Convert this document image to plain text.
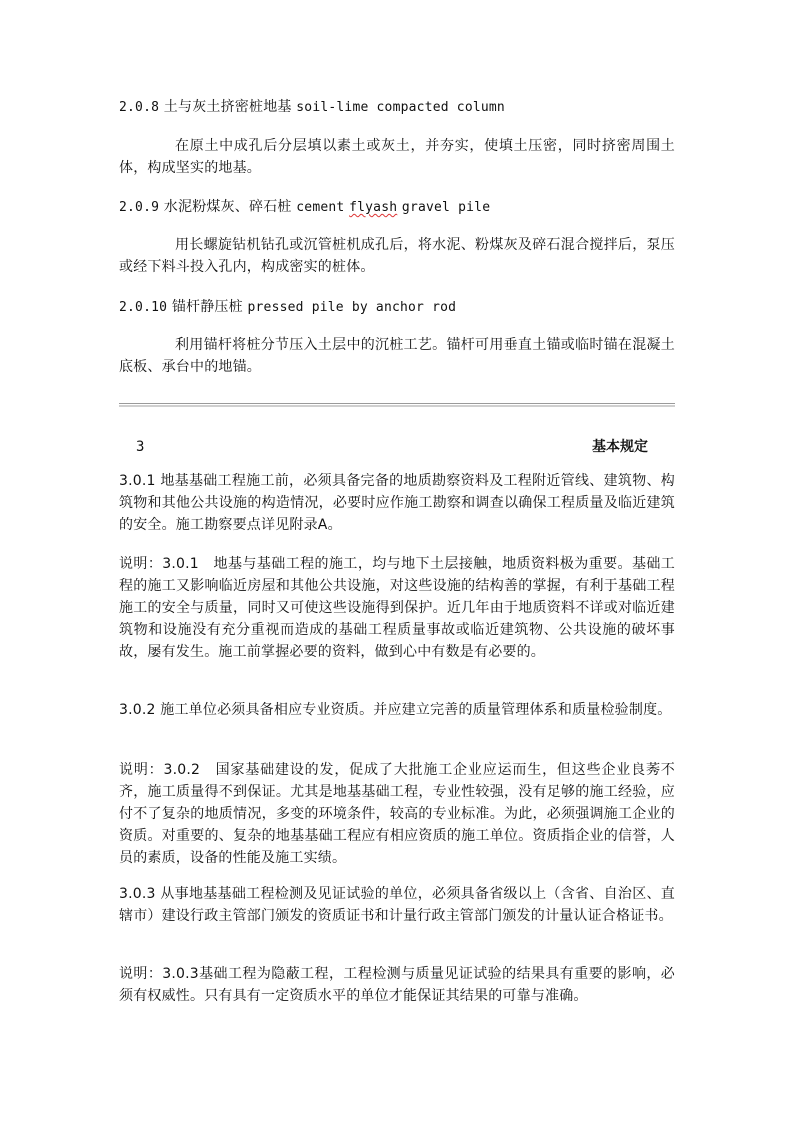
2.0.8 土与灰土挤密桩地基 soil-lime compacted column

在原土中成孔后分层填以素土或灰土，并夯实，使填土压密，同时挤密周围土体，构成坚实的地基。

2.0.9 水泥粉煤灰、碎石桩 cement flyash gravel pile

用长螺旋钻机钻孔或沉管桩机成孔后，将水泥、粉煤灰及碎石混合搅拌后，泵压或经下料斗投入孔内，构成密实的桩体。

2.0.10 锚杆静压桩 pressed pile by anchor rod

利用锚杆将桩分节压入土层中的沉桩工艺。锚杆可用垂直土锚或临时锚在混凝土底板、承台中的地锚。

3	基本规定

3.0.1 地基基础工程施工前，必须具备完备的地质勘察资料及工程附近管线、建筑物、构筑物和其他公共设施的构造情况，必要时应作施工勘察和调查以确保工程质量及临近建筑的安全。施工勘察要点详见附录A。

说明：3.0.1　地基与基础工程的施工，均与地下土层接触，地质资料极为重要。基础工程的施工又影响临近房屋和其他公共设施，对这些设施的结构善的掌握，有利于基础工程施工的安全与质量，同时又可使这些设施得到保护。近几年由于地质资料不详或对临近建筑物和设施没有充分重视而造成的基础工程质量事故或临近建筑物、公共设施的破坏事故，屡有发生。施工前掌握必要的资料，做到心中有数是有必要的。

3.0.2 施工单位必须具备相应专业资质。并应建立完善的质量管理体系和质量检验制度。

说明：3.0.2　国家基础建设的发，促成了大批施工企业应运而生，但这些企业良莠不齐，施工质量得不到保证。尤其是地基基础工程，专业性较强，没有足够的施工经验，应付不了复杂的地质情况，多变的环境条件，较高的专业标准。为此，必须强调施工企业的资质。对重要的、复杂的地基基础工程应有相应资质的施工单位。资质指企业的信誉，人员的素质，设备的性能及施工实绩。

3.0.3 从事地基基础工程检测及见证试验的单位，必须具备省级以上（含省、自治区、直辖市）建设行政主管部门颁发的资质证书和计量行政主管部门颁发的计量认证合格证书。

说明：3.0.3基础工程为隐蔽工程，工程检测与质量见证试验的结果具有重要的影响，必须有权威性。只有具有一定资质水平的单位才能保证其结果的可靠与准确。
